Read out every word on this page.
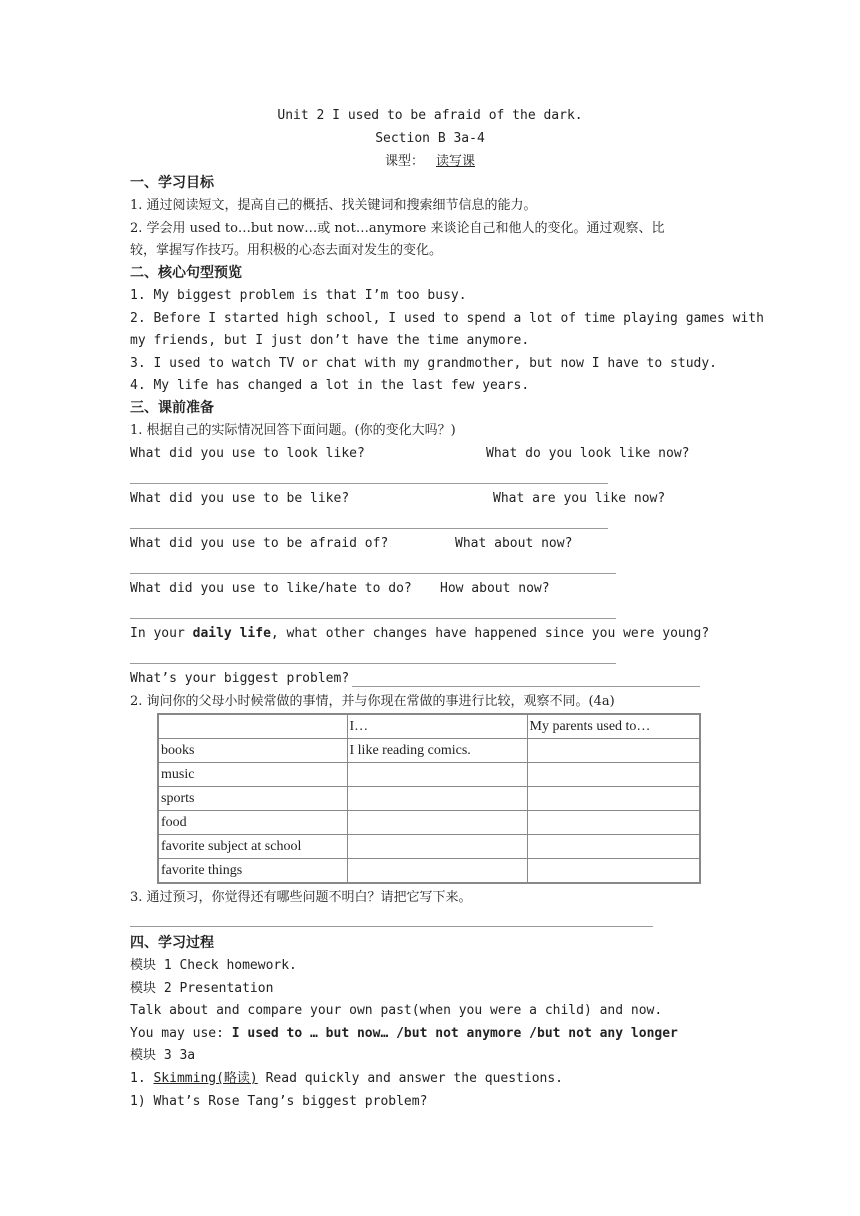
Unit 2 I used to be afraid of the dark.
Section B 3a-4
课型： 读写课
一、学习目标
1. 通过阅读短文，提高自己的概括、找关键词和搜索细节信息的能力。
2. 学会用 used to…but now…或 not…anymore 来谈论自己和他人的变化。通过观察、比
较，掌握写作技巧。用积极的心态去面对发生的变化。
二、核心句型预览
1. My biggest problem is that I’m too busy.
2. Before I started high school, I used to spend a lot of time playing games with
my friends, but I just don’t have the time anymore.
3. I used to watch TV or chat with my grandmother, but now I have to study.
4. My life has changed a lot in the last few years.
三、课前准备
1. 根据自己的实际情况回答下面问题。(你的变化大吗？)
What did you use to look like?	What do you look like now?
What did you use to be like?	What are you like now?
What did you use to be afraid of?	What about now?
What did you use to like/hate to do? How about now?
In your daily life, what other changes have happened since you were young?
What’s your biggest problem?
2. 询问你的父母小时候常做的事情，并与你现在常做的事进行比较，观察不同。(4a)
	I…	My parents used to…
books	I like reading comics.	
music		
sports		
food		
favorite subject at school		
favorite things		
3. 通过预习，你觉得还有哪些问题不明白？请把它写下来。
四、学习过程
模块 1 Check homework.
模块 2 Presentation
Talk about and compare your own past(when you were a child) and now.
You may use: I used to … but now… /but not anymore /but not any longer
模块 3 3a
1. Skimming(略读) Read quickly and answer the questions.
1) What’s Rose Tang’s biggest problem?
